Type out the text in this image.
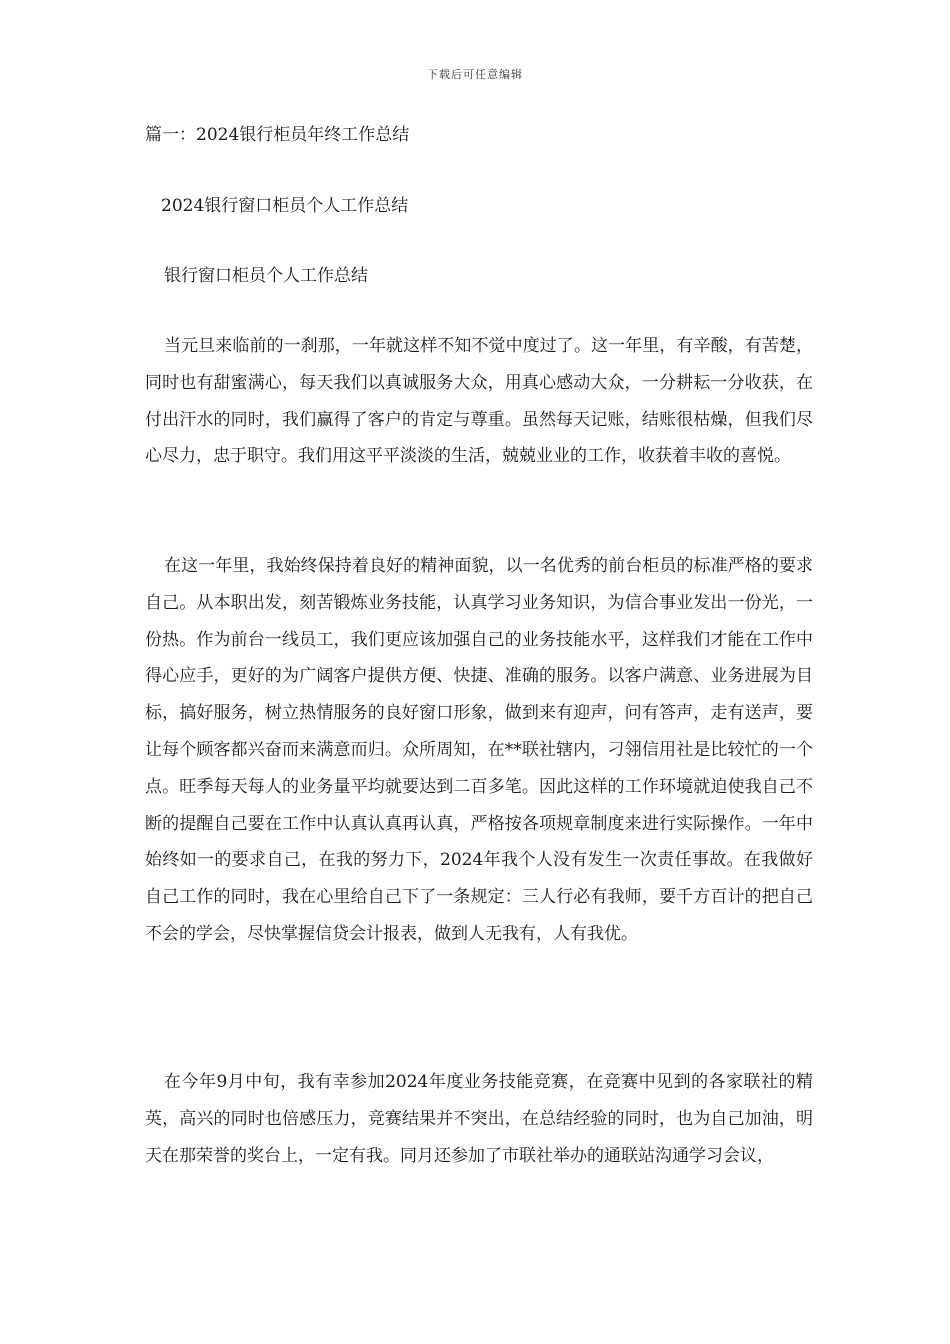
下载后可任意编辑
篇一：2024银行柜员年终工作总结
2024银行窗口柜员个人工作总结
银行窗口柜员个人工作总结

当元旦来临前的一刹那，一年就这样不知不觉中度过了。这一年里，有辛酸，有苦楚，同时也有甜蜜满心，每天我们以真诚服务大众，用真心感动大众，一分耕耘一分收获，在付出汗水的同时，我们赢得了客户的肯定与尊重。虽然每天记账，结账很枯燥，但我们尽心尽力，忠于职守。我们用这平平淡淡的生活，兢兢业业的工作，收获着丰收的喜悦。

在这一年里，我始终保持着良好的精神面貌，以一名优秀的前台柜员的标准严格的要求自己。从本职出发，刻苦锻炼业务技能，认真学习业务知识，为信合事业发出一份光，一份热。作为前台一线员工，我们更应该加强自己的业务技能水平，这样我们才能在工作中得心应手，更好的为广阔客户提供方便、快捷、准确的服务。以客户满意、业务进展为目标，搞好服务，树立热情服务的良好窗口形象，做到来有迎声，问有答声，走有送声，要让每个顾客都兴奋而来满意而归。众所周知，在**联社辖内，刁翎信用社是比较忙的一个点。旺季每天每人的业务量平均就要达到二百多笔。因此这样的工作环境就迫使我自己不断的提醒自己要在工作中认真认真再认真，严格按各项规章制度来进行实际操作。一年中始终如一的要求自己，在我的努力下，2024年我个人没有发生一次责任事故。在我做好自己工作的同时，我在心里给自己下了一条规定：三人行必有我师，要千方百计的把自己不会的学会，尽快掌握信贷会计报表，做到人无我有，人有我优。

在今年9月中旬，我有幸参加2024年度业务技能竞赛，在竞赛中见到的各家联社的精英，高兴的同时也倍感压力，竞赛结果并不突出，在总结经验的同时，也为自己加油，明天在那荣誉的奖台上，一定有我。同月还参加了市联社举办的通联站沟通学习会议，
